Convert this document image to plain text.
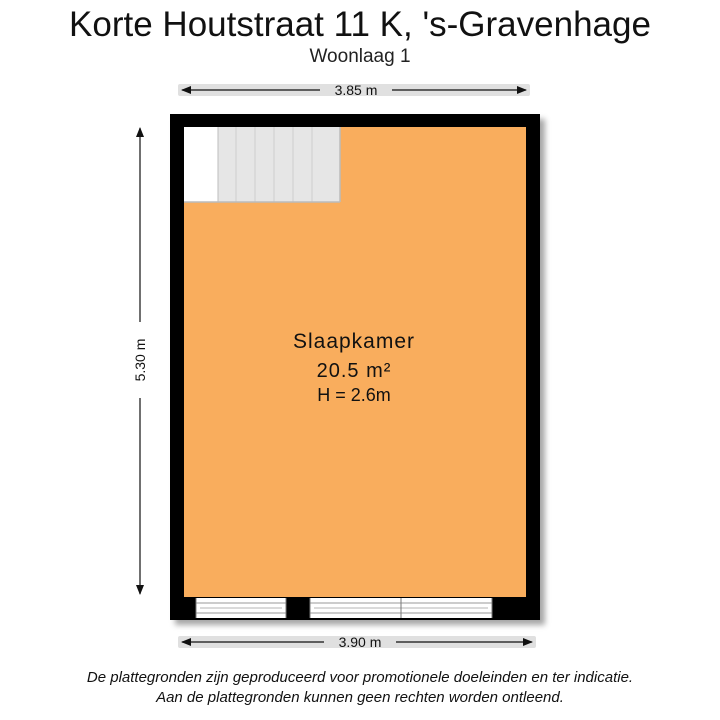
Korte Houtstraat 11 K, 's-Gravenhage
Woonlaag 1
3.85 m
5.30 m
3.90 m
Slaapkamer
20.5 m²
H = 2.6m
De plattegronden zijn geproduceerd voor promotionele doeleinden en ter indicatie.
Aan de plattegronden kunnen geen rechten worden ontleend.
